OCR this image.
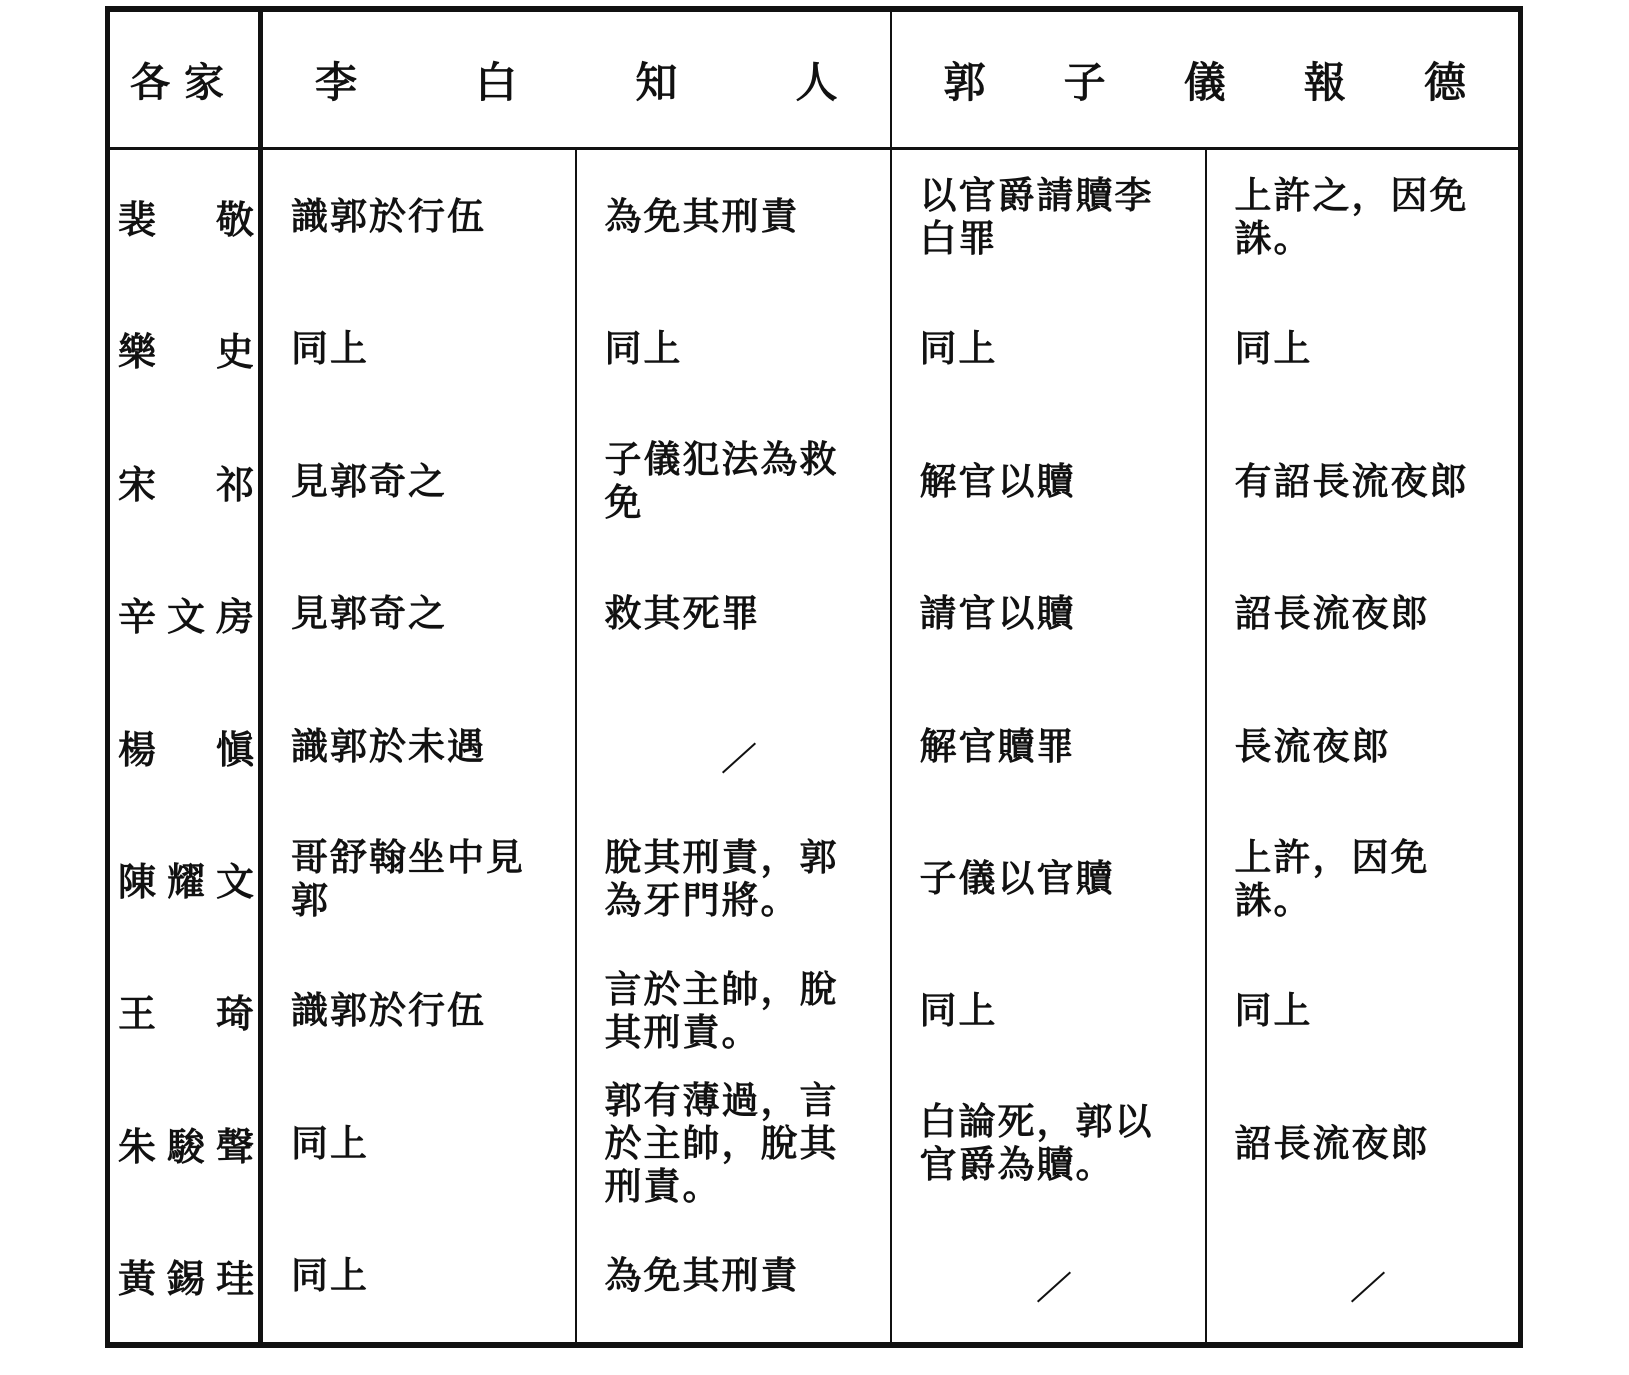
各家	李 白 知 人		郭 子 儀 報 德	

裴 敬	識郭於行伍	為免其刑責	以官爵請贖李白罪	上許之，因免誅。

樂 史	同上	同上	同上	同上

宋 祁	見郭奇之	子儀犯法為救免	解官以贖	有詔長流夜郎

辛文房	見郭奇之	救其死罪	請官以贖	詔長流夜郎

楊 愼	識郭於未遇		解官贖罪	長流夜郎

陳耀文	哥舒翰坐中見郭	脫其刑責，郭為牙門將。	子儀以官贖	上許，因免誅。

王 琦	識郭於行伍	言於主帥，脫其刑責。	同上	同上

朱駿聲	同上	郭有薄過，言於主帥，脫其刑責。	白論死，郭以官爵為贖。	詔長流夜郎

黃錫珪	同上	為免其刑責		
